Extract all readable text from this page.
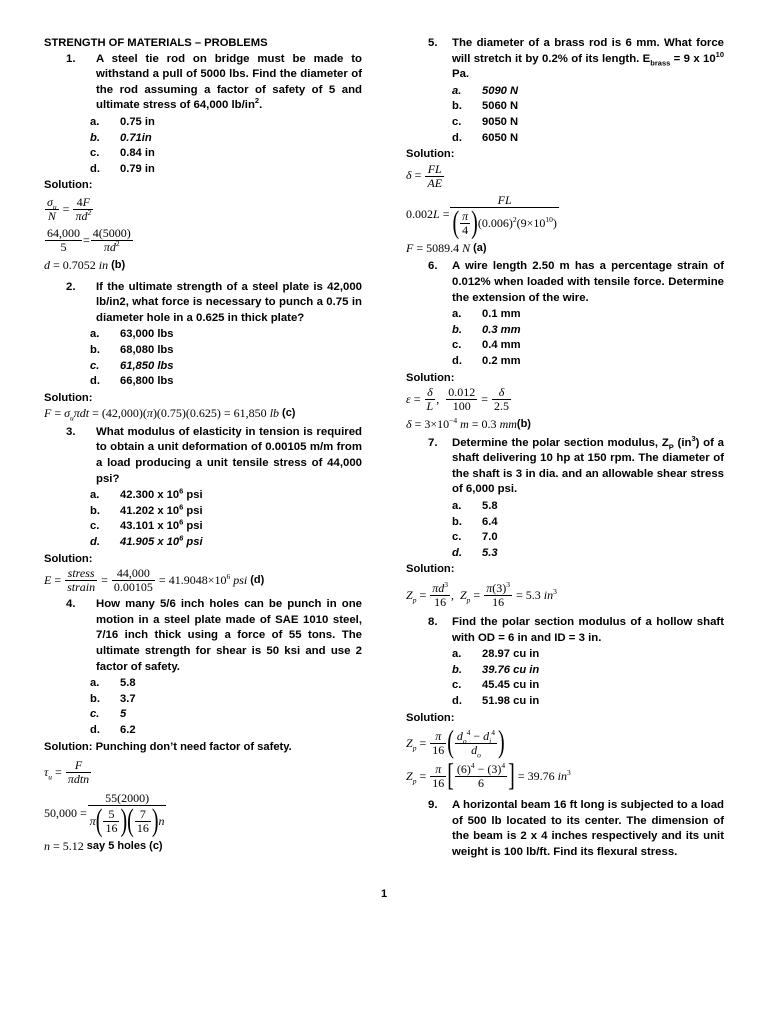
STRENGTH OF MATERIALS – PROBLEMS
1. A steel tie rod on bridge must be made to withstand a pull of 5000 lbs. Find the diameter of the rod assuming a factor of safety of 5 and ultimate stress of 64,000 $lb/in^2$.
a. 0.75 in
b. 0.71in
c. 0.84 in
d. 0.79 in
Solution:
$\frac{\sigma_u}{N} = \frac{4F}{\pi d^2}$
$\frac{64,000}{5} = \frac{4(5000)}{\pi d^2}$
d = 0.7052 in (b)
2. If the ultimate strength of a steel plate is 42,000 lb/in2, what force is necessary to punch a 0.75 in diameter hole in a 0.625 in thick plate?
a. 63,000 lbs
b. 68,080 lbs
c. 61,850 lbs
d. 66,800 lbs
Solution:
$F = \sigma_u\pi dt = (42,000)(\pi)(0.75)(0.625) = 61,850$ lb (c)
3. What modulus of elasticity in tension is required to obtain a unit deformation of 0.00105 m/m from a load producing a unit tensile stress of 44,000 psi?
a. 42.300 x $10^6$ psi
b. 41.202 x $10^6$ psi
c. 43.101 x $10^6$ psi
d. 41.905 x $10^6$ psi
Solution:
$E = \frac{\text{stress}}{\text{strain}} = \frac{44,000}{0.00105} = 41.9048\times 10^6$ psi (d)
4. How many 5/6 inch holes can be punch in one motion in a steel plate made of SAE 1010 steel, 7/16 inch thick using a force of 55 tons. The ultimate strength for shear is 50 ksi and use 2 factor of safety.
a. 5.8
b. 3.7
c. 5
d. 6.2
Solution: Punching don’t need factor of safety.
$\tau_u = \frac{F}{\text{πdtn}}$
$50,000 = \frac{55(2000)}{\pi ( \frac{5}{16} ) ( \frac{7}{16} ) n}$
n = 5.12 say 5 holes (c)
5. The diameter of a brass rod is 6 mm. What force will stretch it by 0.2% of its length. $E_{brass} = 9$ x $10^{10}$ Pa.
a. 5090 N
b. 5060 N
c. 9050 N
d. 6050 N
Solution:
$\delta = \frac{FL}{AE}$
$0.002L = \frac{FL}{( \frac{\pi}{4} ) (0.006)^2(9\times 10^{10})}$
F = 5089.4 N (a)
6. A wire length 2.50 m has a percentage strain of 0.012% when loaded with tensile force. Determine the extension of the wire.
a. 0.1 mm
b. 0.3 mm
c. 0.4 mm
d. 0.2 mm
Solution:
$\varepsilon = \frac{\delta}{L}$ , $\frac{0.012}{100} = \frac{\delta}{2.5}$
$\delta = 3\times 10^{-4}$ m = 0.3 mm (b)
7. Determine the polar section modulus, $Z_P$ $(in^3)$ of a shaft delivering 10 hp at 150 rpm. The diameter of the shaft is 3 in dia. and an allowable shear stress of 6,000 psi.
a. 5.8
b. 6.4
c. 7.0
d. 5.3
Solution:
$Z_p = \frac{\pi d^3}{16}$ ,  $Z_p = \frac{\pi(3)^3}{16} = 5.3$ $in^3$
8. Find the polar section modulus of a hollow shaft with OD = 6 in and ID = 3 in.
a. 28.97 cu in
b. 39.76 cu in
c. 45.45 cu in
d. 51.98 cu in
Solution:
$Z_p = \frac{\pi}{16}$ ( $\frac{d_o^4 - d_i^4}{d_o}$ )
$Z_p = \frac{\pi}{16}$ [ $\frac{(6)^4 - (3)^4}{6}$ ] = 39.76 $in^3$
9. A horizontal beam 16 ft long is subjected to a load of 500 lb located to its center. The dimension of the beam is 2 x 4 inches respectively and its unit weight is 100 lb/ft. Find its flexural stress.
1
